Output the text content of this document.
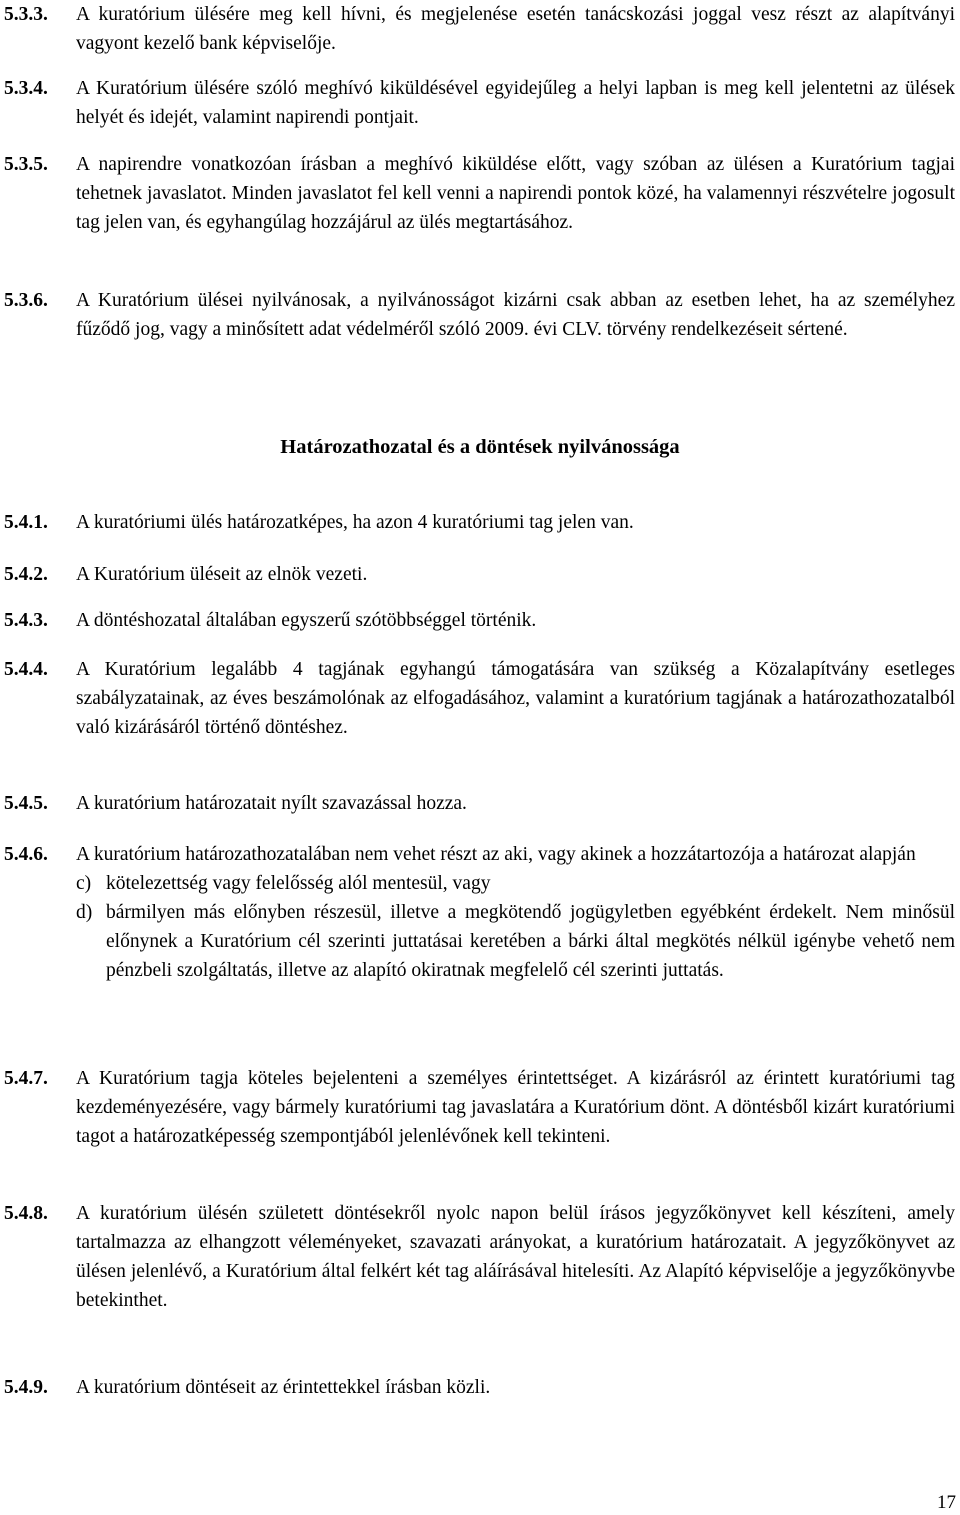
5.3.3.	A kuratórium ülésére meg kell hívni, és megjelenése esetén tanácskozási joggal vesz részt az alapítványi vagyont kezelő bank képviselője.
5.3.4.	A Kuratórium ülésére szóló meghívó kiküldésével egyidejűleg a helyi lapban is meg kell jelentetni az ülések helyét és idejét, valamint napirendi pontjait.
5.3.5.	A napirendre vonatkozóan írásban a meghívó kiküldése előtt, vagy szóban az ülésen a Kuratórium tagjai tehetnek javaslatot. Minden javaslatot fel kell venni a napirendi pontok közé, ha valamennyi részvételre jogosult tag jelen van, és egyhangúlag hozzájárul az ülés megtartásához.
5.3.6.	A Kuratórium ülései nyilvánosak, a nyilvánosságot kizárni csak abban az esetben lehet, ha az személyhez fűződő jog, vagy a minősített adat védelméről szóló 2009. évi CLV. törvény rendelkezéseit sértené.
Határozathozatal és a döntések nyilvánossága
5.4.1.	A kuratóriumi ülés határozatképes, ha azon 4 kuratóriumi tag jelen van.
5.4.2.	A Kuratórium üléseit az elnök vezeti.
5.4.3.	A döntéshozatal általában egyszerű szótöbbséggel történik.
5.4.4.	A Kuratórium legalább 4 tagjának egyhangú támogatására van szükség a Közalapítvány esetleges szabályzatainak, az éves beszámolónak az elfogadásához, valamint a kuratórium tagjának a határozathozatalból való kizárásáról történő döntéshez.
5.4.5.	A kuratórium határozatait nyílt szavazással hozza.
5.4.6.	A kuratórium határozathozatalában nem vehet részt az aki, vagy akinek a hozzátartozója a határozat alapján
c) kötelezettség vagy felelősség alól mentesül, vagy
d) bármilyen más előnyben részesül, illetve a megkötendő jogügyletben egyébként érdekelt. Nem minősül előnynek a Kuratórium cél szerinti juttatásai keretében a bárki által megkötés nélkül igénybe vehető nem pénzbeli szolgáltatás, illetve az alapító okiratnak megfelelő cél szerinti juttatás.
5.4.7.	A Kuratórium tagja köteles bejelenteni a személyes érintettséget. A kizárásról az érintett kuratóriumi tag kezdeményezésére, vagy bármely kuratóriumi tag javaslatára a Kuratórium dönt. A döntésből kizárt kuratóriumi tagot a határozatképesség szempontjából jelenlévőnek kell tekinteni.
5.4.8.	A kuratórium ülésén született döntésekről nyolc napon belül írásos jegyzőkönyvet kell készíteni, amely tartalmazza az elhangzott véleményeket, szavazati arányokat, a kuratórium határozatait. A jegyzőkönyvet az ülésen jelenlévő, a Kuratórium által felkért két tag aláírásával hitelesíti. Az Alapító képviselője a jegyzőkönyvbe betekinthet.
5.4.9.	A kuratórium döntéseit az érintettekkel írásban közli.
17
